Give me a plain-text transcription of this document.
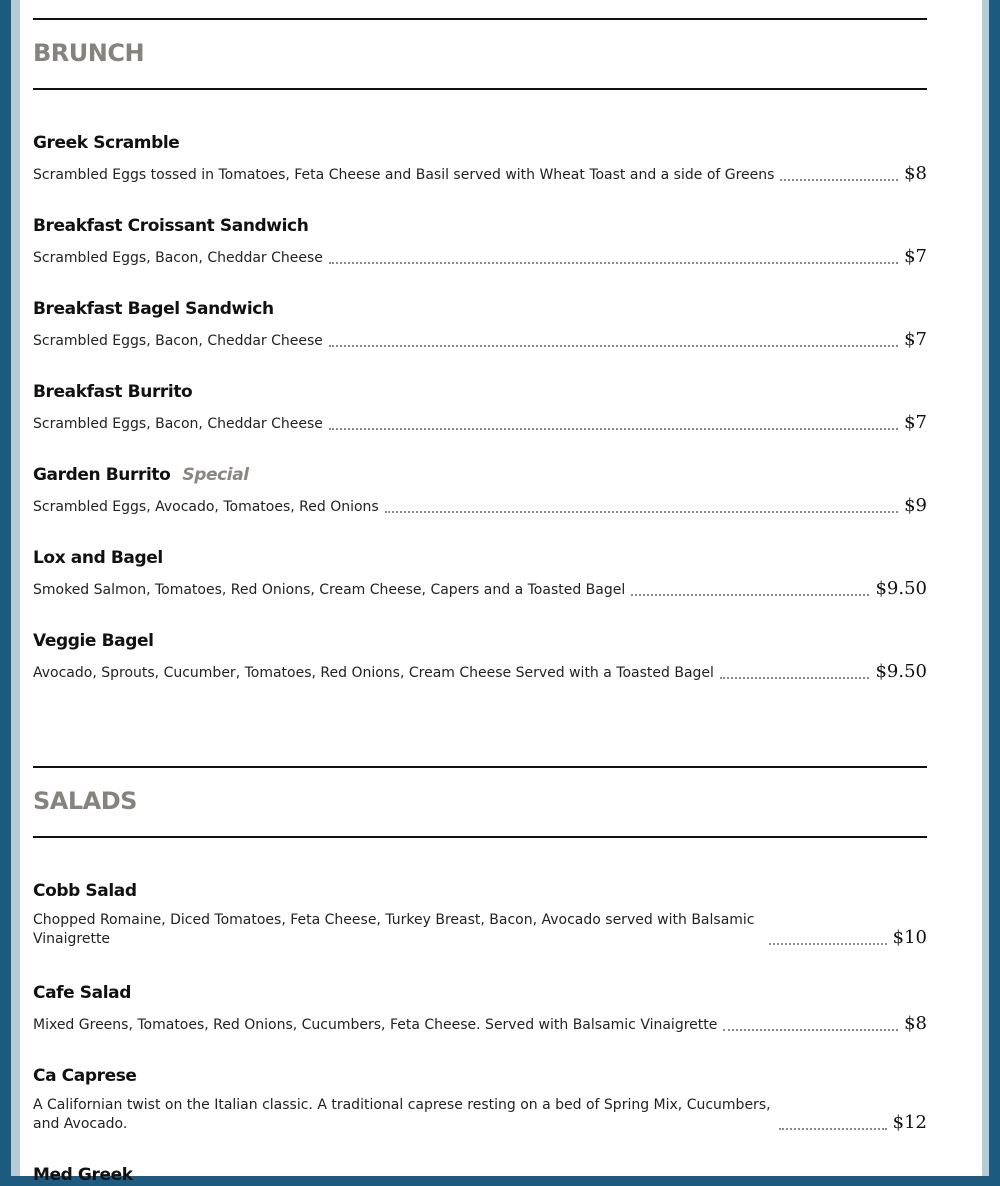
BRUNCH
Greek Scramble
Scrambled Eggs tossed in Tomatoes, Feta Cheese and Basil served with Wheat Toast and a side of Greens	$8
Breakfast Croissant Sandwich
Scrambled Eggs, Bacon, Cheddar Cheese	$7
Breakfast Bagel Sandwich
Scrambled Eggs, Bacon, Cheddar Cheese	$7
Breakfast Burrito
Scrambled Eggs, Bacon, Cheddar Cheese	$7
Garden Burrito Special
Scrambled Eggs, Avocado, Tomatoes, Red Onions	$9
Lox and Bagel
Smoked Salmon, Tomatoes, Red Onions, Cream Cheese, Capers and a Toasted Bagel	$9.50
Veggie Bagel
Avocado, Sprouts, Cucumber, Tomatoes, Red Onions, Cream Cheese Served with a Toasted Bagel	$9.50
SALADS
Cobb Salad
Chopped Romaine, Diced Tomatoes, Feta Cheese, Turkey Breast, Bacon, Avocado served with Balsamic Vinaigrette	$10
Cafe Salad
Mixed Greens, Tomatoes, Red Onions, Cucumbers, Feta Cheese. Served with Balsamic Vinaigrette	$8
Ca Caprese
A Californian twist on the Italian classic. A traditional caprese resting on a bed of Spring Mix, Cucumbers, and Avocado.	$12
Med Greek
